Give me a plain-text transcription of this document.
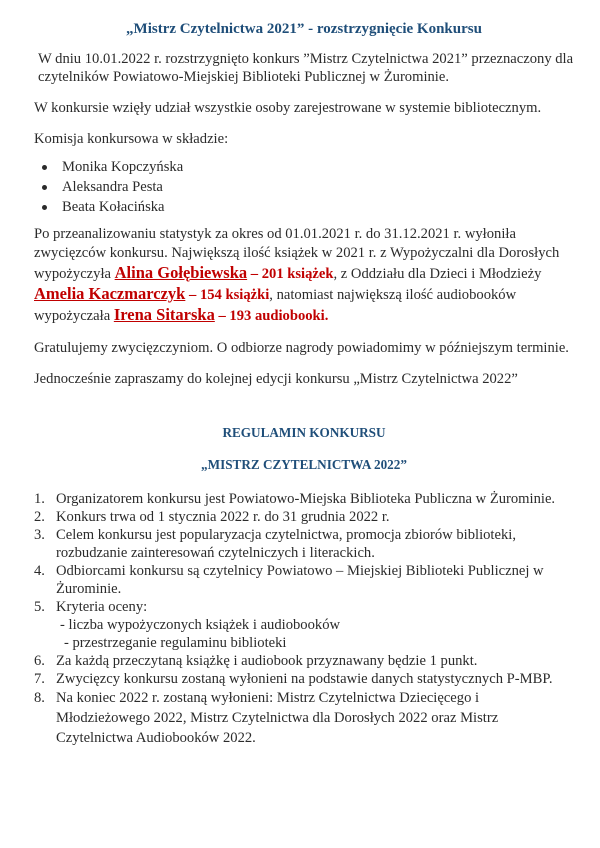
„Mistrz Czytelnictwa 2021” - rozstrzygnięcie Konkursu

W dniu 10.01.2022 r. rozstrzygnięto konkurs ”Mistrz Czytelnictwa 2021” przeznaczony dla czytelników Powiatowo-Miejskiej Biblioteki Publicznej w Żurominie.

W konkursie wzięły udział wszystkie osoby zarejestrowane w systemie bibliotecznym.

Komisja konkursowa w składzie:

Monika Kopczyńska
Aleksandra Pesta
Beata Kołacińska

Po przeanalizowaniu statystyk za okres od 01.01.2021 r. do 31.12.2021 r. wyłoniła zwycięzców konkursu. Największą ilość książek w 2021 r. z Wypożyczalni dla Dorosłych wypożyczyła Alina Gołębiewska – 201 książek, z Oddziału dla Dzieci i Młodzieży Amelia Kaczmarczyk – 154 książki, natomiast największą ilość audiobooków wypożyczała Irena Sitarska – 193 audiobooki.

Gratulujemy zwycięzczyniom. O odbiorze nagrody powiadomimy w późniejszym terminie.

Jednocześnie zapraszamy do kolejnej edycji konkursu „Mistrz Czytelnictwa 2022”

REGULAMIN KONKURSU
„MISTRZ CZYTELNICTWA 2022”
1. Organizatorem konkursu jest Powiatowo-Miejska Biblioteka Publiczna w Żurominie.
2. Konkurs trwa od 1 stycznia 2022 r. do 31 grudnia 2022 r.
3. Celem konkursu jest popularyzacja czytelnictwa, promocja zbiorów biblioteki, rozbudzanie zainteresowań czytelniczych i literackich.
4. Odbiorcami konkursu są czytelnicy Powiatowo – Miejskiej Biblioteki Publicznej w Żurominie.
5. Kryteria oceny:
- liczba wypożyczonych książek i audiobooków
- przestrzeganie regulaminu biblioteki
6. Za każdą przeczytaną książkę i audiobook przyznawany będzie 1 punkt.
7. Zwycięzcy konkursu zostaną wyłonieni na podstawie danych statystycznych P-MBP.
8. Na koniec 2022 r. zostaną wyłonieni: Mistrz Czytelnictwa Dziecięcego i Młodzieżowego 2022, Mistrz Czytelnictwa dla Dorosłych 2022 oraz Mistrz Czytelnictwa Audiobooków 2022.
